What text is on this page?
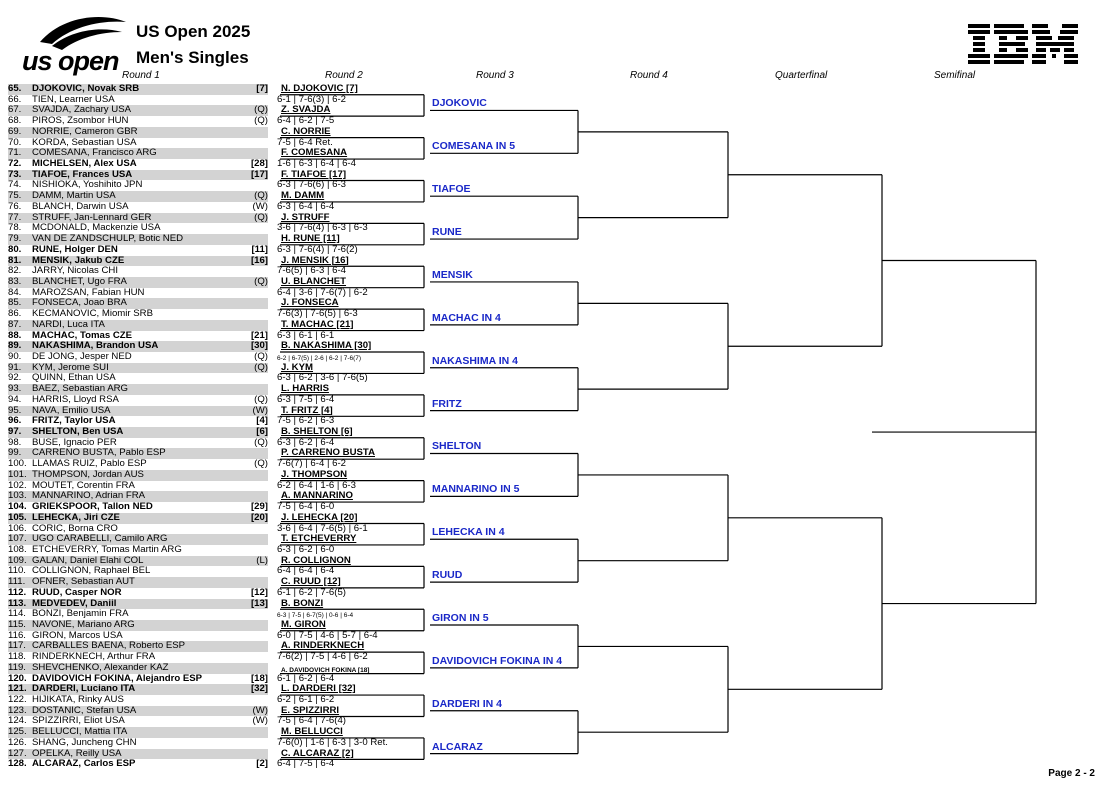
us open
US Open 2025
Men's Singles
Round 1	Round 2	Round 3	Round 4	Quarterfinal	Semifinal
65.	DJOKOVIC, Novak SRB	[7]
66.	TIEN, Learner USA
67.	SVAJDA, Zachary USA	(Q)
68.	PIROS, Zsombor HUN	(Q)
69.	NORRIE, Cameron GBR
70.	KORDA, Sebastian USA
71.	COMESANA, Francisco ARG
72.	MICHELSEN, Alex USA	[28]
73.	TIAFOE, Frances USA	[17]
74.	NISHIOKA, Yoshihito JPN
75.	DAMM, Martin USA	(Q)
76.	BLANCH, Darwin USA	(W)
77.	STRUFF, Jan-Lennard GER	(Q)
78.	MCDONALD, Mackenzie USA
79.	VAN DE ZANDSCHULP, Botic NED
80.	RUNE, Holger DEN	[11]
81.	MENSIK, Jakub CZE	[16]
82.	JARRY, Nicolas CHI
83.	BLANCHET, Ugo FRA	(Q)
84.	MAROZSAN, Fabian HUN
85.	FONSECA, Joao BRA
86.	KECMANOVIC, Miomir SRB
87.	NARDI, Luca ITA
88.	MACHAC, Tomas CZE	[21]
89.	NAKASHIMA, Brandon USA	[30]
90.	DE JONG, Jesper NED	(Q)
91.	KYM, Jerome SUI	(Q)
92.	QUINN, Ethan USA
93.	BAEZ, Sebastian ARG
94.	HARRIS, Lloyd RSA	(Q)
95.	NAVA, Emilio USA	(W)
96.	FRITZ, Taylor USA	[4]
97.	SHELTON, Ben USA	[6]
98.	BUSE, Ignacio PER	(Q)
99.	CARRENO BUSTA, Pablo ESP
100. LLAMAS RUIZ, Pablo ESP	(Q)
101. THOMPSON, Jordan AUS
102. MOUTET, Corentin FRA
103. MANNARINO, Adrian FRA
104. GRIEKSPOOR, Tallon NED	[29]
105. LEHECKA, Jiri CZE	[20]
106. CORIC, Borna CRO
107. UGO CARABELLI, Camilo ARG
108. ETCHEVERRY, Tomas Martin ARG
109. GALAN, Daniel Elahi COL	(L)
110. COLLIGNON, Raphael BEL
111. OFNER, Sebastian AUT
112. RUUD, Casper NOR	[12]
113. MEDVEDEV, Daniil	[13]
114. BONZI, Benjamin FRA
115. NAVONE, Mariano ARG
116. GIRON, Marcos USA
117. CARBALLES BAENA, Roberto ESP
118. RINDERKNECH, Arthur FRA
119. SHEVCHENKO, Alexander KAZ
120. DAVIDOVICH FOKINA, Alejandro ESP	[18]
121. DARDERI, Luciano ITA	[32]
122. HIJIKATA, Rinky AUS
123. DOSTANIC, Stefan USA	(W)
124. SPIZZIRRI, Eliot USA	(W)
125. BELLUCCI, Mattia ITA
126. SHANG, Juncheng CHN
127. OPELKA, Reilly USA
128. ALCARAZ, Carlos ESP	[2]
Page 2 - 2
N. DJOKOVIC [7]
6-1 | 7-6(3) | 6-2
Z. SVAJDA
6-4 | 6-2 | 7-5
C. NORRIE
7-5 | 6-4 Ret.
F. COMESANA
1-6 | 6-3 | 6-4 | 6-4
F. TIAFOE [17]
6-3 | 7-6(6) | 6-3
M. DAMM
6-3 | 6-4 | 6-4
J. STRUFF
3-6 | 7-6(4) | 6-3 | 6-3
H. RUNE [11]
6-3 | 7-6(4) | 7-6(2)
J. MENSIK [16]
7-6(5) | 6-3 | 6-4
U. BLANCHET
6-4 | 3-6 | 7-6(7) | 6-2
J. FONSECA
7-6(3) | 7-6(5) | 6-3
T. MACHAC [21]
6-3 | 6-1 | 6-1
B. NAKASHIMA [30]
6-2 | 6-7(5) | 2-6 | 6-2 | 7-6(7)
J. KYM
6-3 | 6-2 | 3-6 | 7-6(5)
L. HARRIS
6-3 | 7-5 | 6-4
T. FRITZ [4]
7-5 | 6-2 | 6-3
B. SHELTON [6]
6-3 | 6-2 | 6-4
P. CARRENO BUSTA
7-6(7) | 6-4 | 6-2
J. THOMPSON
6-2 | 6-4 | 1-6 | 6-3
A. MANNARINO
7-5 | 6-4 | 6-0
J. LEHECKA [20]
3-6 | 6-4 | 7-6(5) | 6-1
T. ETCHEVERRY
6-3 | 6-2 | 6-0
R. COLLIGNON
6-4 | 6-4 | 6-4
C. RUUD [12]
6-1 | 6-2 | 7-6(5)
B. BONZI
6-3 | 7-5 | 6-7(5) | 0-6 | 6-4
M. GIRON
6-0 | 7-5 | 4-6 | 5-7 | 6-4
A. RINDERKNECH
7-6(2) | 7-5 | 4-6 | 6-2
A. DAVIDOVICH FOKINA [18]
6-1 | 6-2 | 6-4
L. DARDERI [32]
6-2 | 6-1 | 6-2
E. SPIZZIRRI
7-5 | 6-4 | 7-6(4)
M. BELLUCCI
7-6(0) | 1-6 | 6-3 | 3-0 Ret.
C. ALCARAZ [2]
6-4 | 7-5 | 6-4
DJOKOVIC
COMESANA IN 5
TIAFOE
RUNE
MENSIK
MACHAC IN 4
NAKASHIMA IN 4
FRITZ
SHELTON
MANNARINO IN 5
LEHECKA IN 4
RUUD
GIRON IN 5
DAVIDOVICH FOKINA IN 4
DARDERI IN 4
ALCARAZ
